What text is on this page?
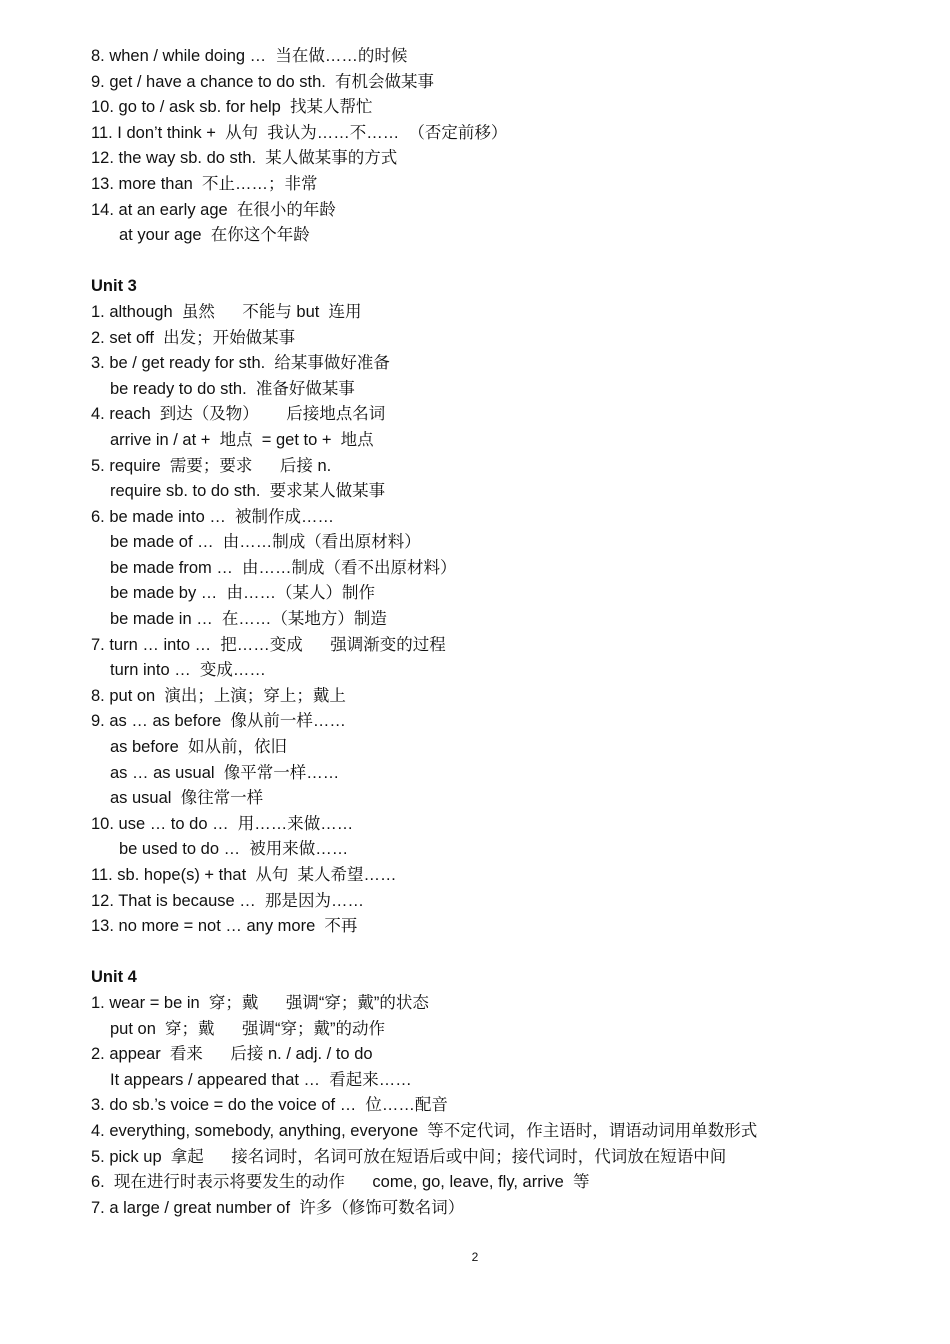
8. when / while doing …  当在做……的时候
9. get / have a chance to do sth.  有机会做某事
10. go to / ask sb. for help  找某人帮忙
11. I don’t think +  从句  我认为……不……  （否定前移）
12. the way sb. do sth.  某人做某事的方式
13. more than  不止……；非常
14. at an early age  在很小的年龄
at your age  在你这个年龄
Unit 3
1. although  虽然      不能与 but  连用
2. set off  出发；开始做某事
3. be / get ready for sth.  给某事做好准备
be ready to do sth.  准备好做某事
4. reach  到达（及物）      后接地点名词
arrive in / at +  地点  = get to +  地点
5. require  需要；要求      后接 n.
require sb. to do sth.  要求某人做某事
6. be made into …  被制作成……
be made of …  由……制成（看出原材料）
be made from …  由……制成（看不出原材料）
be made by …  由……（某人）制作
be made in …  在……（某地方）制造
7. turn … into …  把……变成      强调渐变的过程
turn into …  变成……
8. put on  演出；上演；穿上；戴上
9. as … as before  像从前一样……
as before  如从前，依旧
as … as usual  像平常一样……
as usual  像往常一样
10. use … to do …  用……来做……
be used to do …  被用来做……
11. sb. hope(s) + that  从句  某人希望……
12. That is because …  那是因为……
13. no more = not … any more  不再
Unit 4
1. wear = be in  穿；戴      强调“穿；戴”的状态
put on  穿；戴      强调“穿；戴”的动作
2. appear  看来      后接 n. / adj. / to do
It appears / appeared that …  看起来……
3. do sb.’s voice = do the voice of …  位……配音
4. everything, somebody, anything, everyone  等不定代词，作主语时，谓语动词用单数形式
5. pick up  拿起      接名词时，名词可放在短语后或中间；接代词时，代词放在短语中间
6.  现在进行时表示将要发生的动作      come, go, leave, fly, arrive  等
7. a large / great number of  许多（修饰可数名词）
2
